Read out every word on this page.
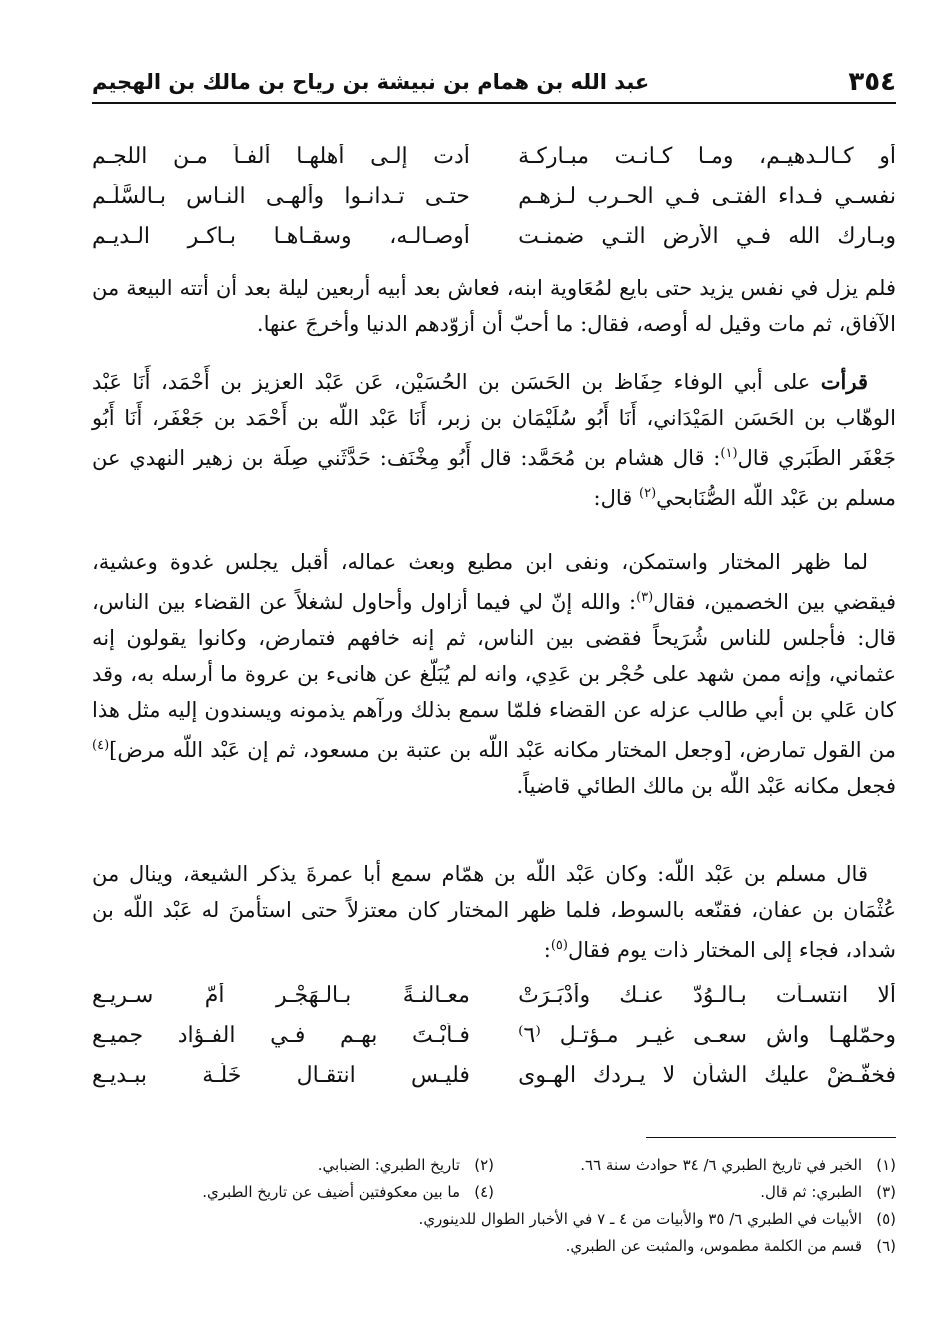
٣٥٤
عبد الله بن همام بن نبيشة بن رياح بن مالك بن الهجيم
أو كـالـدهيـم، ومـا كـانـت مبـاركـة
أدت إلـى أهلهـا ألفـاً مـن اللجـم
نفسـي فـداء الفتـى فـي الحـرب لـزهـم
حتـى تـدانـوا وألهـى النـاس بـالسَّلَـم
وبـارك الله فـي الأرض التـي ضمنـت
أوصـالـه، وسقـاهـا بـاكـر الـديـم

فلم يزل في نفس يزيد حتى بايع لمُعَاوية ابنه، فعاش بعد أبيه أربعين ليلة بعد أن أتته البيعة من الآفاق، ثم مات وقيل له أوصه، فقال: ما أحبّ أن أزوّدهم الدنيا وأخرجَ عنها.

قرأت على أبي الوفاء حِفَاظ بن الحَسَن بن الحُسَيْن، عَن عَبْد العزيز بن أَحْمَد، أَنَا عَبْد الوهّاب بن الحَسَن المَيْدَاني، أَنَا أَبُو سُلَيْمَان بن زبر، أَنَا عَبْد اللّه بن أَحْمَد بن جَعْفَر، أَنَا أَبُو جَعْفَر الطَبَري قال$^{(١)}$: قال هشام بن مُحَمَّد: قال أَبُو مِخْنَف: حَدَّثَني صِلَة بن زهير النهدي عن مسلم بن عَبْد اللّه الصُّنَابحي$^{(٢)}$ قال:

لما ظهر المختار واستمكن، ونفى ابن مطيع وبعث عماله، أقبل يجلس غدوة وعشية، فيقضي بين الخصمين، فقال$^{(٣)}$: والله إنّ لي فيما أزاول وأحاول لشغلاً عن القضاء بين الناس، قال: فأجلس للناس شُرَيحاً فقضى بين الناس، ثم إنه خافهم فتمارض، وكانوا يقولون إنه عثماني، وإنه ممن شهد على حُجْر بن عَدِي، وانه لم يُبَلّغ عن هانىء بن عروة ما أرسله به، وقد كان عَلي بن أبي طالب عزله عن القضاء فلمّا سمع بذلك ورآهم يذمونه ويسندون إليه مثل هذا من القول تمارض، [وجعل المختار مكانه عَبْد اللّه بن عتبة بن مسعود، ثم إن عَبْد اللّه مرض]$^{(٤)}$ فجعل مكانه عَبْد اللّه بن مالك الطائي قاضياً.

قال مسلم بن عَبْد اللّه: وكان عَبْد اللّه بن همّام سمع أبا عمرةَ يذكر الشيعة، وينال من عُثْمَان بن عفان، فقنّعه بالسوط، فلما ظهر المختار كان معتزلاً حتى استأمنَ له عَبْد اللّه بن شداد، فجاء إلى المختار ذات يوم فقال$^{(٥)}$:

ألا انتسـأت بـالـوُدّ عنـك وأدْبَـرَتْ
معـالنـةً بـالـهَجْـر أمّ سـريـعِ
وحمّلهـا واشٍ سعـى غيـر مـؤتـلِ ⁽٦⁾
فـأُبْـتَ بهـم فـي الفـؤاد جميـعِ
فخفّـضْ عليك الشأن لا يـردك الهـوى
فليـس انتقـال خَلّـة ببـديـعِ
(١)الخبر في تاريخ الطبري ٦/ ٣٤ حوادث سنة ٦٦.
(٢)تاريخ الطبري: الضبابي.
(٣)الطبري: ثم قال.
(٤)ما بين معكوفتين أضيف عن تاريخ الطبري.
(٥)الأبيات في الطبري ٦/ ٣٥ والأبيات من ٤ ـ ٧ في الأخبار الطوال للدينوري.
(٦)قسم من الكلمة مطموس، والمثبت عن الطبري.
